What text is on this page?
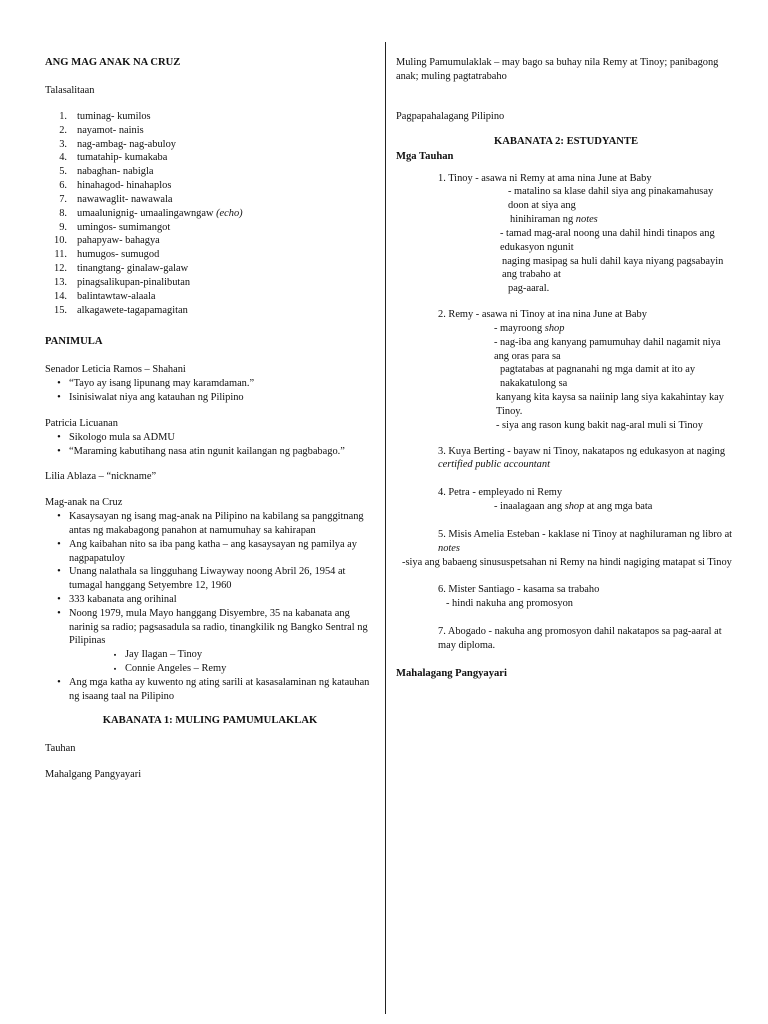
ANG MAG ANAK NA CRUZ

Talasalitaan

1. tuminag- kumilos
2. nayamot- nainis
3. nag-ambag- nag-abuloy
4. tumatahip- kumakaba
5. nabaghan- nabigla
6. hinahagod- hinahaplos
7. nawawaglit- nawawala
8. umaalunignig- umaalingawngaw (echo)
9. umingos- sumimangot
10. pahapyaw- bahagya
11. humugos- sumugod
12. tinangtang- ginalaw-galaw
13. pinagsalikupan-pinalibutan
14. balintawtaw-alaala
15. alkagawete-tagapamagitan

PANIMULA

Senador Leticia Ramos – Shahani

• “Tayo ay isang lipunang may karamdaman.”
• Isinisiwalat niya ang katauhan ng Pilipino

Patricia Licuanan

• Sikologo mula sa ADMU
• “Maraming kabutihang nasa atin ngunit kailangan ng pagbabago.”

Lilia Ablaza – “nickname”

Mag-anak na Cruz

• Kasaysayan ng isang mag-anak na Pilipino na kabilang sa panggitnang antas ng makabagong panahon at namumuhay sa kahirapan
• Ang kaibahan nito sa iba pang katha – ang kasaysayan ng pamilya ay nagpapatuloy
• Unang nalathala sa lingguhang Liwayway noong Abril 26, 1954 at tumagal hanggang Setyembre 12, 1960
• 333 kabanata ang orihinal
• Noong 1979, mula Mayo hanggang Disyembre, 35 na kabanata ang narinig sa radio; pagsasadula sa radio, tinangkilik ng Bangko Sentral ng Pilipinas
▪ Jay Ilagan – Tinoy
▪ Connie Angeles – Remy
• Ang mga katha ay kuwento ng ating sarili at kasasalaminan ng katauhan ng isaang taal na Pilipino

KABANATA 1: MULING PAMUMULAKLAK

Tauhan

Mahalgang Pangyayari

Muling Pamumulaklak – may bago sa buhay nila Remy at Tinoy; panibagong anak; muling pagtatrabaho

Pagpapahalagang Pilipino

KABANATA 2: ESTUDYANTE

Mga Tauhan

1. Tinoy - asawa ni Remy at ama nina June at Baby

- matalino sa klase dahil siya ang pinakamahusay doon at siya ang

hinihiraman ng notes

- tamad mag-aral noong una dahil hindi tinapos ang edukasyon ngunit

naging masipag sa huli dahil kaya niyang pagsabayin ang trabaho at

pag-aaral.

2. Remy - asawa ni Tinoy at ina nina June at Baby

- mayroong shop

- nag-iba ang kanyang pamumuhay dahil nagamit niya ang oras para sa

pagtatabas at pagnanahi ng mga damit at ito ay nakakatulong sa

kanyang kita kaysa sa naiinip lang siya kakahintay kay Tinoy.

- siya ang rason kung bakit nag-aral muli si Tinoy

3. Kuya Berting - bayaw ni Tinoy, nakatapos ng edukasyon at naging certified public accountant

4. Petra - empleyado ni Remy

- inaalagaan ang shop at ang mga bata

5. Misis Amelia Esteban - kaklase ni Tinoy at naghiluraman ng libro at notes

-siya ang babaeng sinususpetsahan ni Remy na hindi nagiging matapat si Tinoy

6. Mister Santiago - kasama sa trabaho

- hindi nakuha ang promosyon

7. Abogado - nakuha ang promosyon dahil nakatapos sa pag-aaral at may diploma.

Mahalagang Pangyayari
